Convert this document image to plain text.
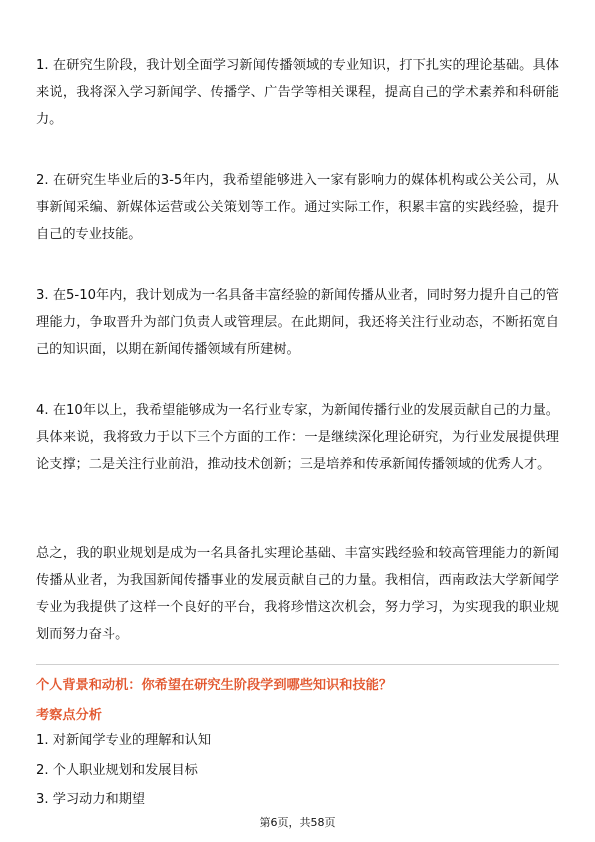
1. 在研究生阶段，我计划全面学习新闻传播领域的专业知识，打下扎实的理论基础。具体来说，我将深入学习新闻学、传播学、广告学等相关课程，提高自己的学术素养和科研能力。

2. 在研究生毕业后的3-5年内，我希望能够进入一家有影响力的媒体机构或公关公司，从事新闻采编、新媒体运营或公关策划等工作。通过实际工作，积累丰富的实践经验，提升自己的专业技能。

3. 在5-10年内，我计划成为一名具备丰富经验的新闻传播从业者，同时努力提升自己的管理能力，争取晋升为部门负责人或管理层。在此期间，我还将关注行业动态，不断拓宽自己的知识面，以期在新闻传播领域有所建树。

4. 在10年以上，我希望能够成为一名行业专家，为新闻传播行业的发展贡献自己的力量。具体来说，我将致力于以下三个方面的工作：一是继续深化理论研究，为行业发展提供理论支撑；二是关注行业前沿，推动技术创新；三是培养和传承新闻传播领域的优秀人才。

总之，我的职业规划是成为一名具备扎实理论基础、丰富实践经验和较高管理能力的新闻传播从业者，为我国新闻传播事业的发展贡献自己的力量。我相信，西南政法大学新闻学专业为我提供了这样一个良好的平台，我将珍惜这次机会，努力学习，为实现我的职业规划而努力奋斗。

个人背景和动机：你希望在研究生阶段学到哪些知识和技能？
考察点分析
1. 对新闻学专业的理解和认知
2. 个人职业规划和发展目标
3. 学习动力和期望
第6页，共58页
